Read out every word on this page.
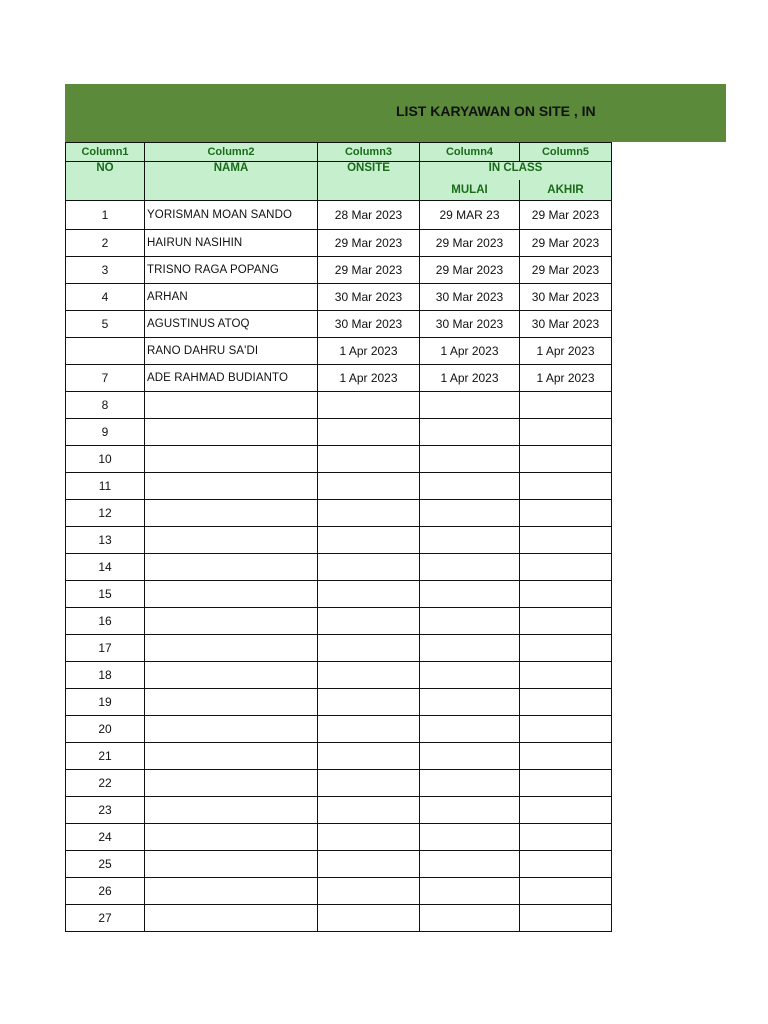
LIST KARYAWAN ON SITE , IN
Column1	Column2	Column3	Column4	Column5
NO	NAMA	ONSITE	IN CLASS	
			MULAI	AKHIR
1	YORISMAN MOAN SANDO	28 Mar 2023	29 MAR 23	29 Mar 2023
2	HAIRUN NASIHIN	29 Mar 2023	29 Mar 2023	29 Mar 2023
3	TRISNO RAGA POPANG	29 Mar 2023	29 Mar 2023	29 Mar 2023
4	ARHAN	30 Mar 2023	30 Mar 2023	30 Mar 2023
5	AGUSTINUS ATOQ	30 Mar 2023	30 Mar 2023	30 Mar 2023
	RANO DAHRU SA'DI	1 Apr 2023	1 Apr 2023	1 Apr 2023
7	ADE RAHMAD BUDIANTO	1 Apr 2023	1 Apr 2023	1 Apr 2023
8				
9				
10				
11				
12				
13				
14				
15				
16				
17				
18				
19				
20				
21				
22				
23				
24				
25				
26				
27				
